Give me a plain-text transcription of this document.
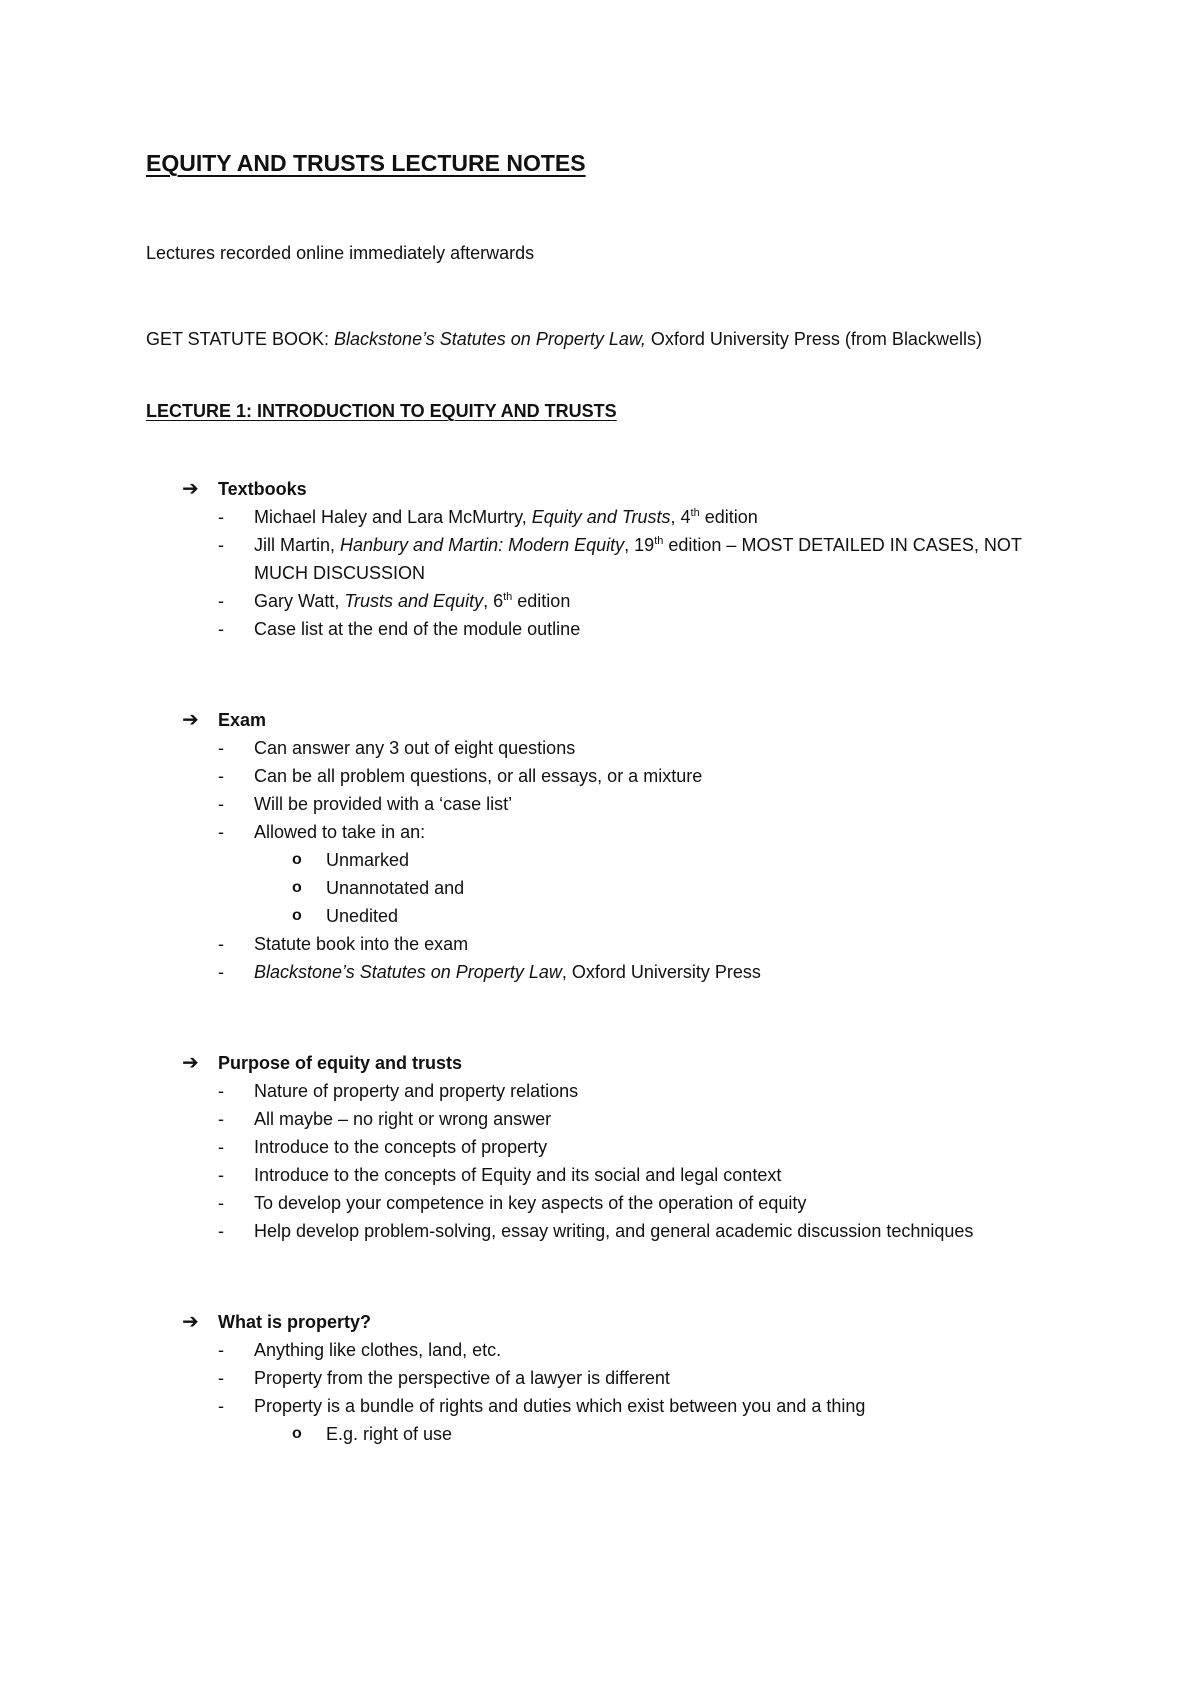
EQUITY AND TRUSTS LECTURE NOTES

Lectures recorded online immediately afterwards

GET STATUTE BOOK: Blackstone’s Statutes on Property Law, Oxford University Press (from Blackwells)

LECTURE 1: INTRODUCTION TO EQUITY AND TRUSTS

➔ Textbooks
- Michael Haley and Lara McMurtry, Equity and Trusts, 4th edition
- Jill Martin, Hanbury and Martin: Modern Equity, 19th edition – MOST DETAILED IN CASES, NOT MUCH DISCUSSION
- Gary Watt, Trusts and Equity, 6th edition
- Case list at the end of the module outline
➔ Exam
- Can answer any 3 out of eight questions
- Can be all problem questions, or all essays, or a mixture
- Will be provided with a ‘case list’
- Allowed to take in an:
o Unmarked
o Unannotated and
o Unedited
- Statute book into the exam
- Blackstone’s Statutes on Property Law, Oxford University Press
➔ Purpose of equity and trusts
- Nature of property and property relations
- All maybe – no right or wrong answer
- Introduce to the concepts of property
- Introduce to the concepts of Equity and its social and legal context
- To develop your competence in key aspects of the operation of equity
- Help develop problem-solving, essay writing, and general academic discussion techniques
➔ What is property?
- Anything like clothes, land, etc.
- Property from the perspective of a lawyer is different
- Property is a bundle of rights and duties which exist between you and a thing
o E.g. right of use
